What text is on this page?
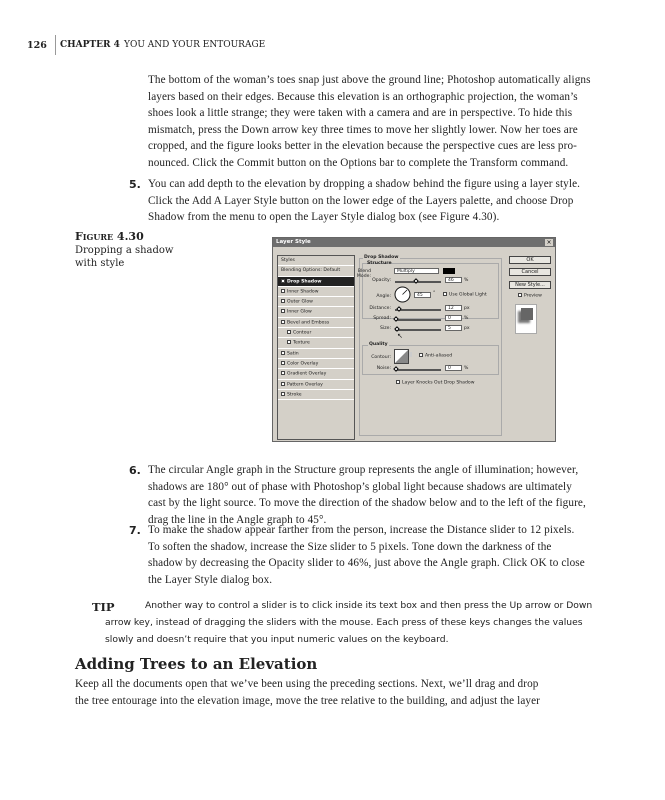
126 CHAPTER 4 YOU AND YOUR ENTOURAGE
The bottom of the woman’s toes snap just above the ground line; Photoshop automatically aligns
layers based on their edges. Because this elevation is an orthographic projection, the woman’s
shoes look a little strange; they were taken with a camera and are in perspective. To hide this
mismatch, press the Down arrow key three times to move her slightly lower. Now her toes are
cropped, and the figure looks better in the elevation because the perspective cues are less pro-
nounced. Click the Commit button on the Options bar to complete the Transform command.
5. You can add depth to the elevation by dropping a shadow behind the figure using a layer style.
Click the Add A Layer Style button on the lower edge of the Layers palette, and choose Drop
Shadow from the menu to open the Layer Style dialog box (see Figure 4.30).
Figure 4.30
Dropping a shadow
with style
Layer Style	×
Styles
Blending Options: Default
Drop Shadow
Inner Shadow
Outer Glow
Inner Glow
Bevel and Emboss
Contour
Texture
Satin
Color Overlay
Gradient Overlay
Pattern Overlay
Stroke
Drop Shadow
Structure
Blend Mode:
Multiply
Opacity:	46	%
Angle:	45	°	Use Global Light
Distance:	12	px
Spread:	0	%
Size:	5	px
↖
Quality
Contour:	Anti-aliased
Noise:	0	%
Layer Knocks Out Drop Shadow
OK
Cancel
New Style...
Preview
6. The circular Angle graph in the Structure group represents the angle of illumination; however,
shadows are 180° out of phase with Photoshop’s global light because shadows are ultimately
cast by the light source. To move the direction of the shadow below and to the left of the figure,
drag the line in the Angle graph to 45°.
7. To make the shadow appear farther from the person, increase the Distance slider to 12 pixels.
To soften the shadow, increase the Size slider to 5 pixels. Tone down the darkness of the
shadow by decreasing the Opacity slider to 46%, just above the Angle graph. Click OK to close
the Layer Style dialog box.
TIP	Another way to control a slider is to click inside its text box and then press the Up arrow or Down
arrow key, instead of dragging the sliders with the mouse. Each press of these keys changes the values
slowly and doesn’t require that you input numeric values on the keyboard.
Adding Trees to an Elevation
Keep all the documents open that we’ve been using the preceding sections. Next, we’ll drag and drop
the tree entourage into the elevation image, move the tree relative to the building, and adjust the layer
